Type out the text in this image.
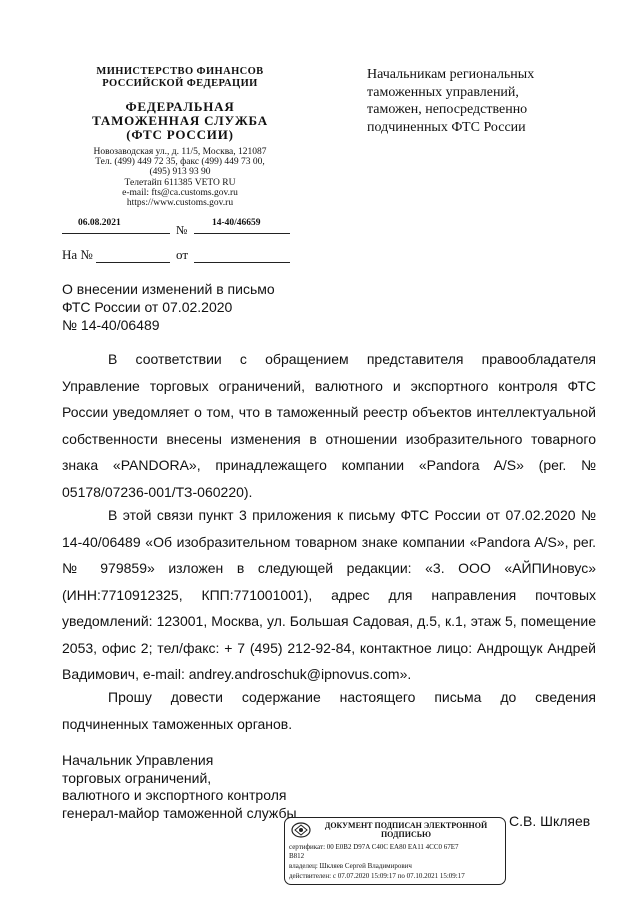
МИНИСТЕРСТВО ФИНАНСОВ
РОССИЙСКОЙ ФЕДЕРАЦИИ
ФЕДЕРАЛЬНАЯ
ТАМОЖЕННАЯ СЛУЖБА
(ФТС РОССИИ)
Новозаводская ул., д. 11/5, Москва, 121087
Тел. (499) 449 72 35, факс (499) 449 73 00,
(495) 913 93 90
Телетайп 611385 VETO RU
e-mail: fts@ca.customs.gov.ru
https://www.customs.gov.ru
06.08.2021	№	14-40/46659
На №	от
Начальникам региональных таможенных управлений, таможен, непосредственно подчиненных ФТС России
О внесении изменений в письмо
ФТС России от 07.02.2020
№ 14-40/06489
В соответствии с обращением представителя правообладателя Управление торговых ограничений, валютного и экспортного контроля ФТС России уведомляет о том, что в таможенный реестр объектов интеллектуальной собственности внесены изменения в отношении изобразительного товарного знака «PANDORA», принадлежащего компании «Pandora A/S» (рег. № 05178/07236-001/ТЗ-060220).
В этой связи пункт 3 приложения к письму ФТС России от 07.02.2020 № 14-40/06489 «Об изобразительном товарном знаке компании «Pandora A/S», рег. № 979859» изложен в следующей редакции: «3. ООО «АЙПИновус» (ИНН:7710912325, КПП:771001001), адрес для направления почтовых уведомлений: 123001, Москва, ул. Большая Садовая, д.5, к.1, этаж 5, помещение 2053, офис 2; тел/факс: + 7 (495) 212-92-84, контактное лицо: Андрощук Андрей Вадимович, e-mail: andrey.androschuk@ipnovus.com».
Прошу довести содержание настоящего письма до сведения подчиненных таможенных органов.
Начальник Управления
торговых ограничений,
валютного и экспортного контроля
генерал-майор таможенной службы
С.В. Шкляев
ДОКУМЕНТ ПОДПИСАН ЭЛЕКТРОННОЙ
ПОДПИСЬЮ
сертификат: 00 E0B2 D97A C40C EA80 EA11 4CC0 67E7
B812
владелец: Шкляев Сергей Владимирович
действителен: с 07.07.2020 15:09:17 по 07.10.2021 15:09:17
